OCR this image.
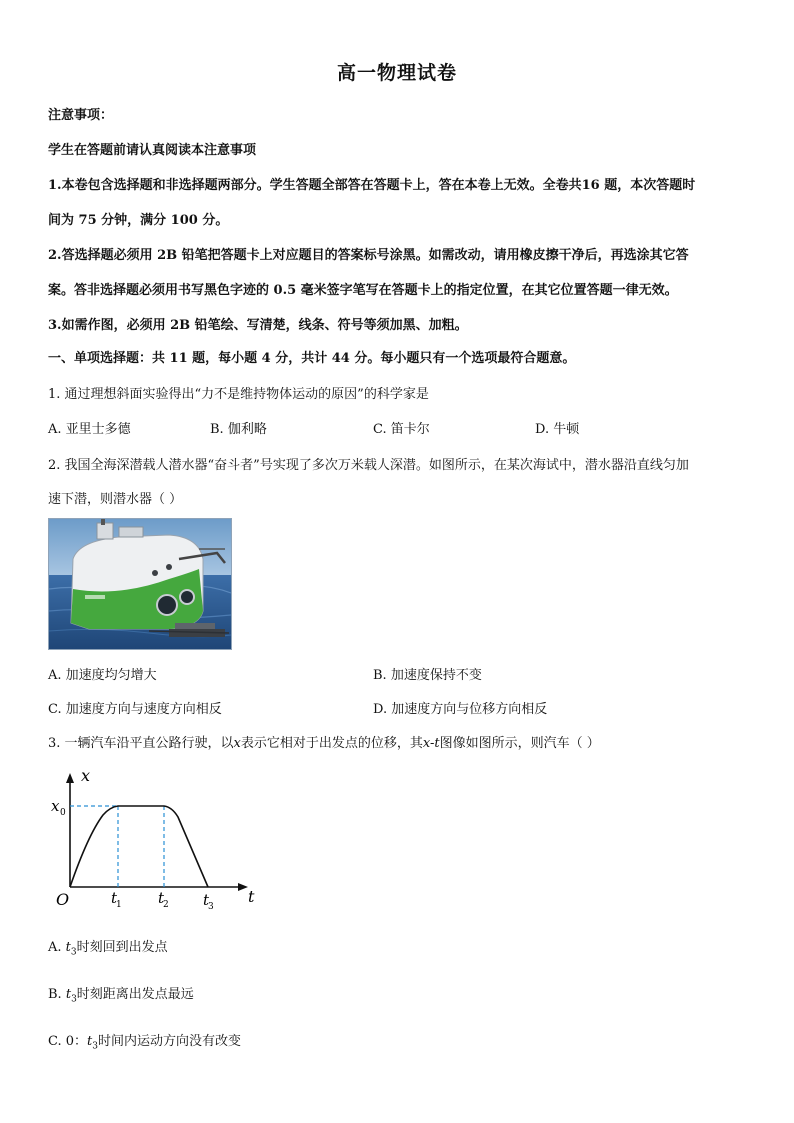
高一物理试卷
注意事项：
学生在答题前请认真阅读本注意事项
1.本卷包含选择题和非选择题两部分。学生答题全部答在答题卡上，答在本卷上无效。全卷共16 题，本次答题时
间为 75 分钟，满分 100 分。
2.答选择题必须用 2B 铅笔把答题卡上对应题目的答案标号涂黑。如需改动，请用橡皮擦干净后，再选涂其它答
案。答非选择题必须用书写黑色字迹的 0.5 毫米签字笔写在答题卡上的指定位置，在其它位置答题一律无效。
3.如需作图，必须用 2B 铅笔绘、写清楚，线条、符号等须加黑、加粗。
一、单项选择题：共 11 题，每小题 4 分，共计 44 分。每小题只有一个选项最符合题意。
1. 通过理想斜面实验得出“力不是维持物体运动的原因”的科学家是
A. 亚里士多德	B. 伽利略	C. 笛卡尔	D. 牛顿
2. 我国全海深潜载人潜水器“奋斗者”号实现了多次万米载人深潜。如图所示，在某次海试中，潜水器沿直线匀加
速下潜，则潜水器（ ）
A. 加速度均匀增大	B. 加速度保持不变
C. 加速度方向与速度方向相反	D. 加速度方向与位移方向相反
3. 一辆汽车沿平直公路行驶，以x表示它相对于出发点的位移，其x-t图像如图所示，则汽车（ ）
x
t
O
x 0
t
1 t
2 t
3
A. $t_3$时刻回到出发点
B. $t_3$时刻距离出发点最远
C. 0：$t_3$时间内运动方向没有改变
